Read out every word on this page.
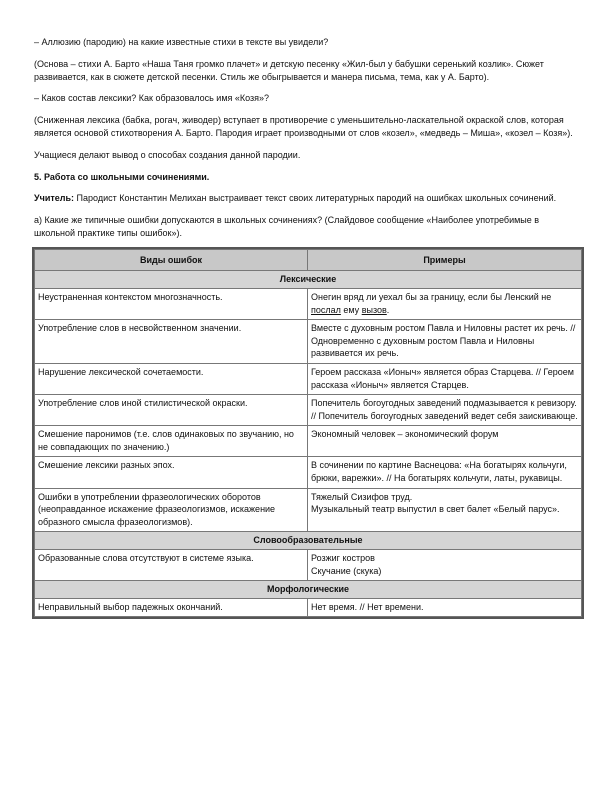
– Аллюзию (пародию) на какие известные стихи в тексте вы увидели?

(Основа – стихи А. Барто «Наша Таня громко плачет» и детскую песенку «Жил-был у бабушки серенький козлик». Сюжет развивается, как в сюжете детской песенки. Стиль же обыгрывается и манера письма, тема, как у А. Барто).

– Каков состав лексики? Как образовалось имя «Козя»?

(Сниженная лексика (бабка, рогач, живодер) вступает в противоречие с уменьшительно-ласкательной окраской слов, которая является основой стихотворения А. Барто. Пародия играет производными от слов «козел», «медведь – Миша», «козел – Козя»).

Учащиеся делают вывод о способах создания данной пародии.

5. Работа со школьными сочинениями.

Учитель: Пародист Константин Мелихан выстраивает текст своих литературных пародий на ошибках школьных сочинений.

а) Какие же типичные ошибки допускаются в школьных сочинениях? (Слайдовое сообщение «Наиболее употребимые в школьной практике типы ошибок»).

Виды ошибок	Примеры
Лексические	
Неустраненная контекстом многозначность.	Онегин вряд ли уехал бы за границу, если бы Ленский не послал ему вызов.
Употребление слов в несвойственном значении.	Вместе с духовным ростом Павла и Ниловны растет их речь. // Одновременно с духовным ростом Павла и Ниловны развивается их речь.
Нарушение лексической сочетаемости.	Героем рассказа «Ионыч» является образ Старцева. // Героем рассказа «Ионыч» является Старцев.
Употребление слов иной стилистической окраски.	Попечитель богоугодных заведений подмазывается к ревизору. // Попечитель богоугодных заведений ведет себя заискивающе.
Смешение паронимов (т.е. слов одинаковых по звучанию, но не совпадающих по значению.)	Экономный человек – экономический форум
Смешение лексики разных эпох.	В сочинении по картине Васнецова: «На богатырях кольчуги, брюки, варежки». // На богатырях кольчуги, латы, рукавицы.
Ошибки в употреблении фразеологических оборотов (неоправданное искажение фразеологизмов, искажение образного смысла фразеологизмов).	Тяжелый Сизифов труд.
Музыкальный театр выпустил в свет балет «Белый парус».

Словообразовательные	
Образованные слова отсутствуют в системе языка.	Розжиг костров
Скучание (скука)

Морфологические	
Неправильный выбор падежных окончаний.	Нет время. // Нет времени.
